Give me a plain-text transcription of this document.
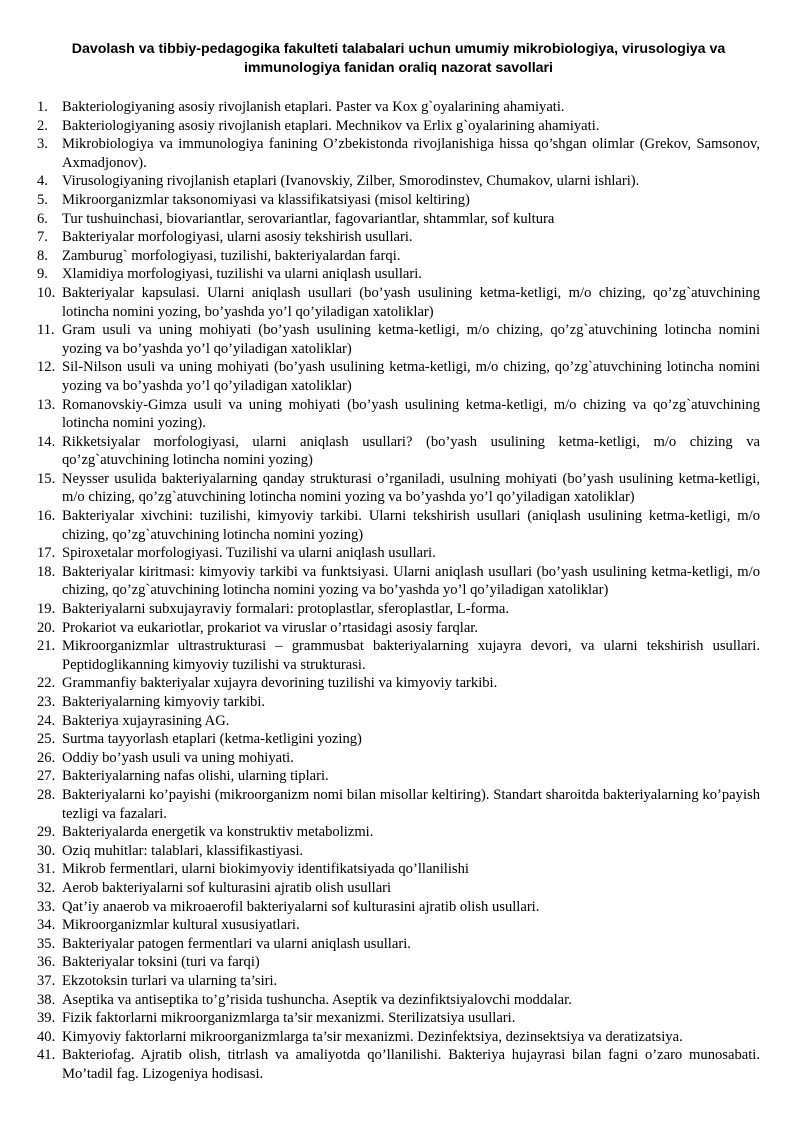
Davolash va tibbiy-pedagogika fakulteti talabalari uchun umumiy mikrobiologiya, virusologiya va immunologiya fanidan oraliq nazorat savollari
1. Bakteriologiyaning asosiy rivojlanish etaplari. Paster va Kox g`oyalarining ahamiyati.
2. Bakteriologiyaning asosiy rivojlanish etaplari. Mechnikov va Erlix g`oyalarining ahamiyati.
3. Mikrobiologiya va immunologiya fanining O’zbekistonda rivojlanishiga hissa qo’shgan olimlar (Grekov, Samsonov, Axmadjonov).
4. Virusologiyaning rivojlanish etaplari (Ivanovskiy, Zilber, Smorodinstev, Chumakov, ularni ishlari).
5. Mikroorganizmlar taksonomiyasi va klassifikatsiyasi (misol keltiring)
6. Tur tushuinchasi, biovariantlar, serovariantlar, fagovariantlar, shtammlar, sof kultura
7. Bakteriyalar morfologiyasi, ularni asosiy tekshirish usullari.
8. Zamburug` morfologiyasi, tuzilishi, bakteriyalardan farqi.
9. Xlamidiya morfologiyasi, tuzilishi va ularni aniqlash usullari.
10. Bakteriyalar kapsulasi. Ularni aniqlash usullari (bo’yash usulining ketma-ketligi, m/o chizing, qo’zg`atuvchining lotincha nomini yozing, bo’yashda yo’l qo’yiladigan xatoliklar)
11. Gram usuli va uning mohiyati (bo’yash usulining ketma-ketligi, m/o chizing, qo’zg`atuvchining lotincha nomini yozing va bo’yashda yo’l qo’yiladigan xatoliklar)
12. Sil-Nilson usuli va uning mohiyati (bo’yash usulining ketma-ketligi, m/o chizing, qo’zg`atuvchining lotincha nomini yozing va bo’yashda yo’l qo’yiladigan xatoliklar)
13. Romanovskiy-Gimza usuli va uning mohiyati (bo’yash usulining ketma-ketligi, m/o chizing va qo’zg`atuvchining lotincha nomini yozing).
14. Rikketsiyalar morfologiyasi, ularni aniqlash usullari? (bo’yash usulining ketma-ketligi, m/o chizing va qo’zg`atuvchining lotincha nomini yozing)
15. Neysser usulida bakteriyalarning qanday strukturasi o’rganiladi, usulning mohiyati (bo’yash usulining ketma-ketligi, m/o chizing, qo’zg`atuvchining lotincha nomini yozing va bo’yashda yo’l qo’yiladigan xatoliklar)
16. Bakteriyalar xivchini: tuzilishi, kimyoviy tarkibi. Ularni tekshirish usullari (aniqlash usulining ketma-ketligi, m/o chizing, qo’zg`atuvchining lotincha nomini yozing)
17. Spiroxetalar morfologiyasi. Tuzilishi va ularni aniqlash usullari.
18. Bakteriyalar kiritmasi: kimyoviy tarkibi va funktsiyasi. Ularni aniqlash usullari (bo’yash usulining ketma-ketligi, m/o chizing, qo’zg`atuvchining lotincha nomini yozing va bo’yashda yo’l qo’yiladigan xatoliklar)
19. Bakteriyalarni subxujayraviy formalari: protoplastlar, sferoplastlar, L-forma.
20. Prokariot va eukariotlar, prokariot va viruslar o’rtasidagi asosiy farqlar.
21. Mikroorganizmlar ultrastrukturasi – grammusbat bakteriyalarning xujayra devori, va ularni tekshirish usullari. Peptidoglikanning kimyoviy tuzilishi va strukturasi.
22. Grammanfiy bakteriyalar xujayra devorining tuzilishi va kimyoviy tarkibi.
23. Bakteriyalarning kimyoviy tarkibi.
24. Bakteriya xujayrasining AG.
25. Surtma tayyorlash etaplari (ketma-ketligini yozing)
26. Oddiy bo’yash usuli va uning mohiyati.
27. Bakteriyalarning nafas olishi, ularning tiplari.
28. Bakteriyalarni ko’payishi (mikroorganizm nomi bilan misollar keltiring). Standart sharoitda bakteriyalarning ko’payish tezligi va fazalari.
29. Bakteriyalarda energetik va konstruktiv metabolizmi.
30. Oziq muhitlar: talablari, klassifikastiyasi.
31. Mikrob fermentlari, ularni biokimyoviy identifikatsiyada qo’llanilishi
32. Aerob bakteriyalarni sof kulturasini ajratib olish usullari
33. Qat’iy anaerob va mikroaerofil bakteriyalarni sof kulturasini ajratib olish usullari.
34. Mikroorganizmlar kultural xususiyatlari.
35. Bakteriyalar patogen fermentlari va ularni aniqlash usullari.
36. Bakteriyalar toksini (turi va farqi)
37. Ekzotoksin turlari va ularning ta’siri.
38. Aseptika va antiseptika to’g’risida tushuncha. Aseptik va dezinfiktsiyalovchi moddalar.
39. Fizik faktorlarni mikroorganizmlarga ta’sir mexanizmi. Sterilizatsiya usullari.
40. Kimyoviy faktorlarni mikroorganizmlarga ta’sir mexanizmi. Dezinfektsiya, dezinsektsiya va deratizatsiya.
41. Bakteriofag. Ajratib olish, titrlash va amaliyotda qo’llanilishi. Bakteriya hujayrasi bilan fagni o’zaro munosabati. Mo’tadil fag. Lizogeniya hodisasi.
